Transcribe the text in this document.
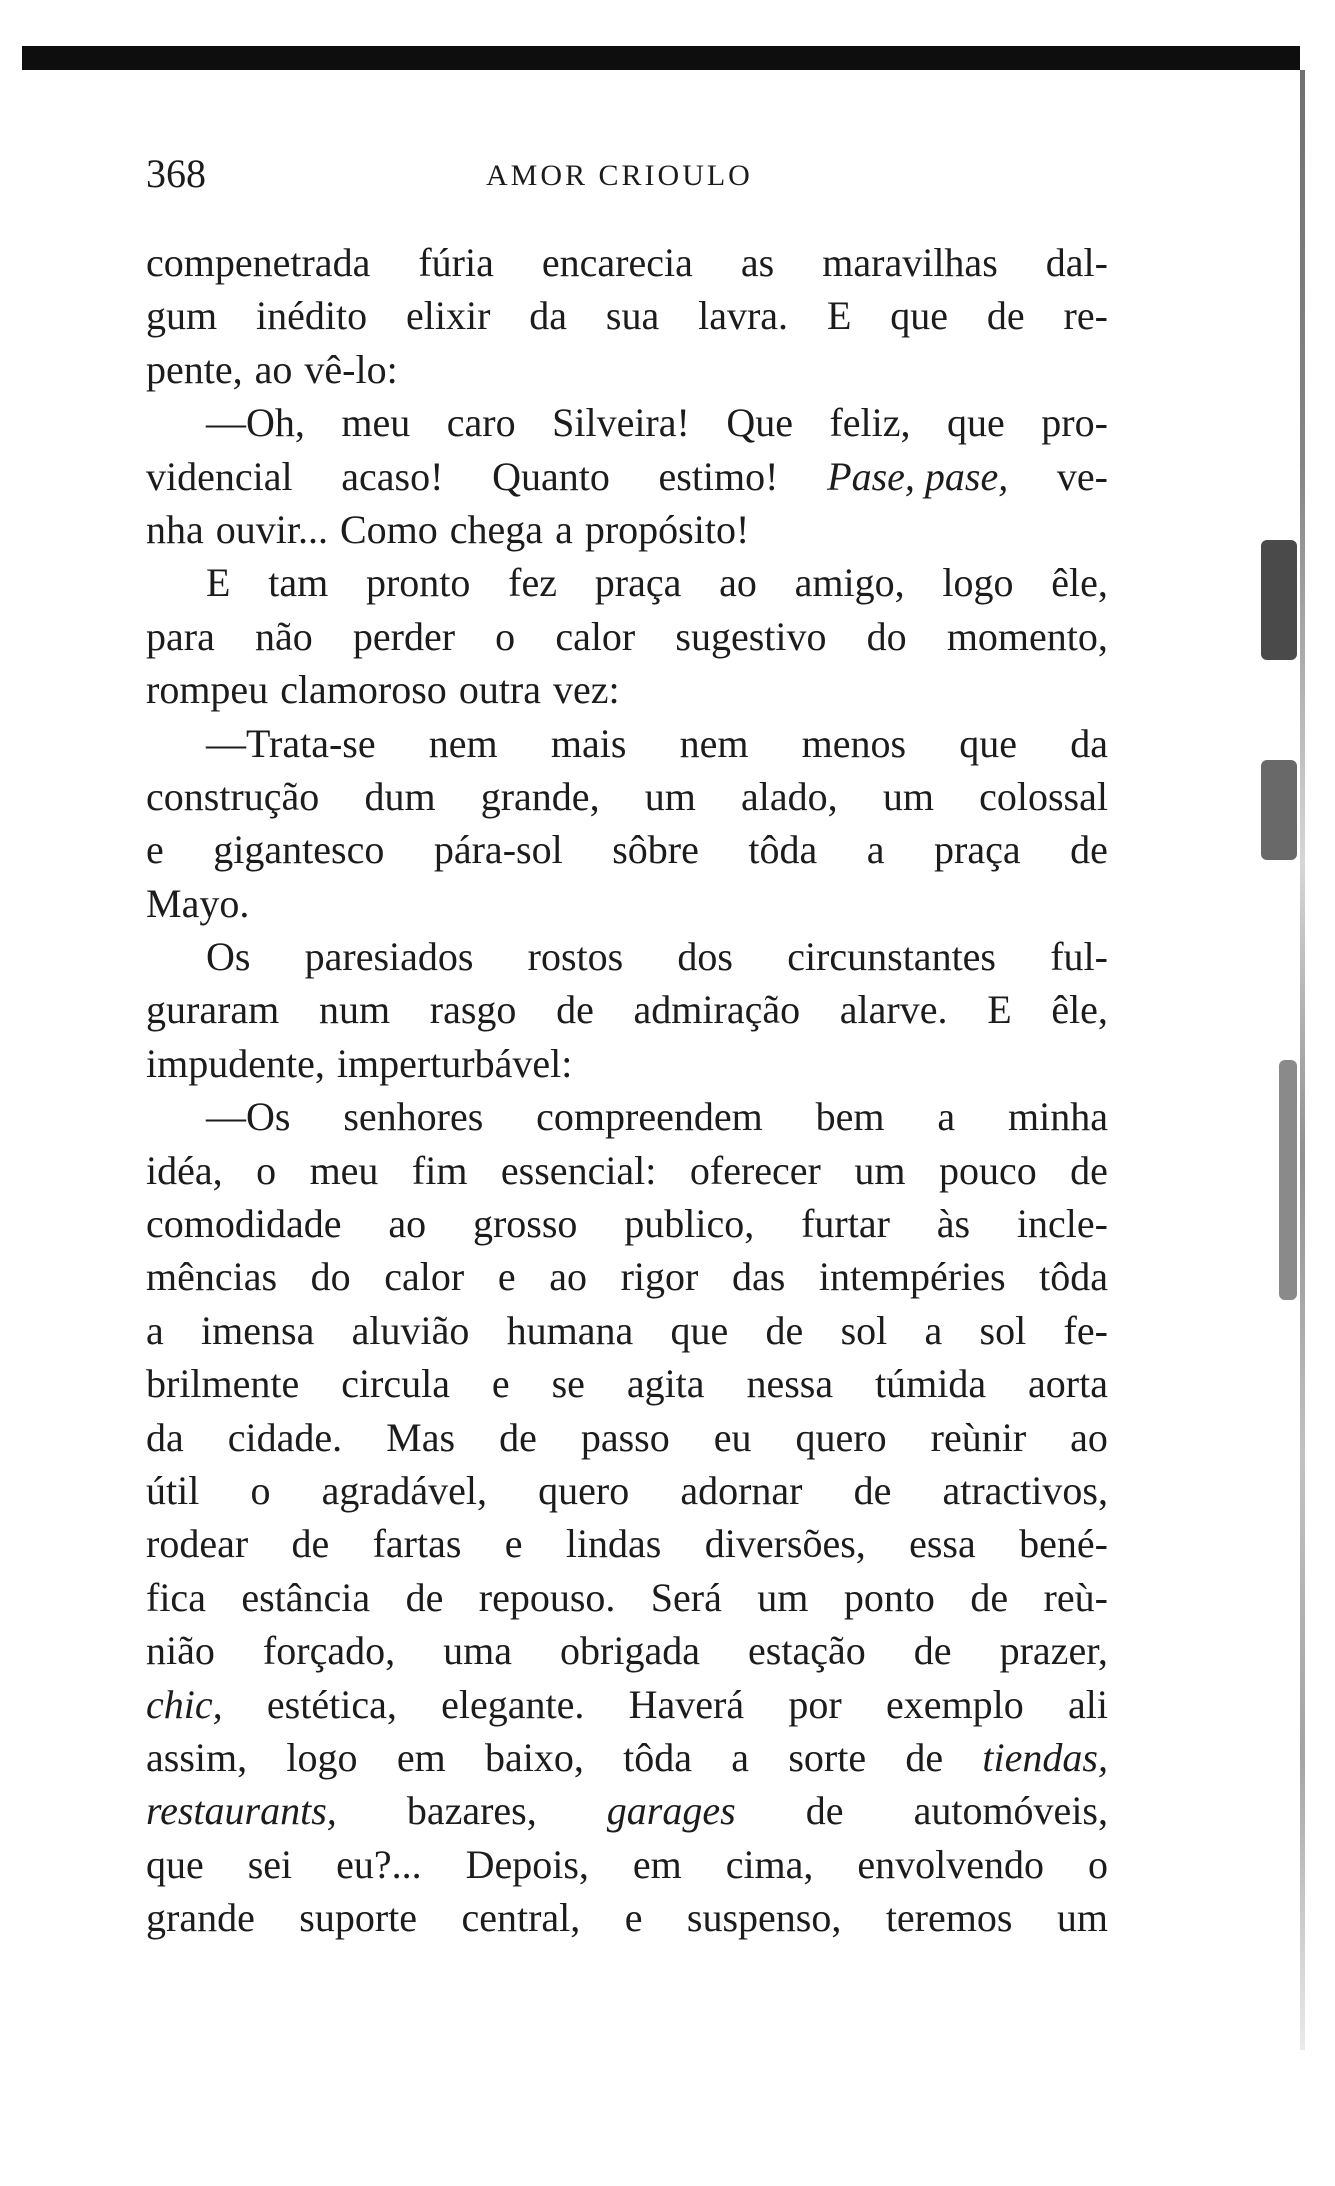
368	AMOR CRIOULO
compenetrada fúria encarecia as maravilhas dal-
gum inédito elixir da sua lavra. E que de re-
pente, ao vê-lo:
—Oh, meu caro Silveira! Que feliz, que pro-
videncial acaso! Quanto estimo! Pase, pase, ve-
nha ouvir... Como chega a propósito!
E tam pronto fez praça ao amigo, logo êle,
para não perder o calor sugestivo do momento,
rompeu clamoroso outra vez:
—Trata-se nem mais nem menos que da
construção dum grande, um alado, um colossal
e gigantesco pára-sol sôbre tôda a praça de
Mayo.
Os paresiados rostos dos circunstantes ful-
guraram num rasgo de admiração alarve. E êle,
impudente, imperturbável:
—Os senhores compreendem bem a minha
idéa, o meu fim essencial: oferecer um pouco de
comodidade ao grosso publico, furtar às incle-
mências do calor e ao rigor das intempéries tôda
a imensa aluvião humana que de sol a sol fe-
brilmente circula e se agita nessa túmida aorta
da cidade. Mas de passo eu quero reùnir ao
útil o agradável, quero adornar de atractivos,
rodear de fartas e lindas diversões, essa bené-
fica estância de repouso. Será um ponto de reù-
nião forçado, uma obrigada estação de prazer,
chic, estética, elegante. Haverá por exemplo ali
assim, logo em baixo, tôda a sorte de tiendas,
restaurants, bazares, garages de automóveis,
que sei eu?... Depois, em cima, envolvendo o
grande suporte central, e suspenso, teremos um
